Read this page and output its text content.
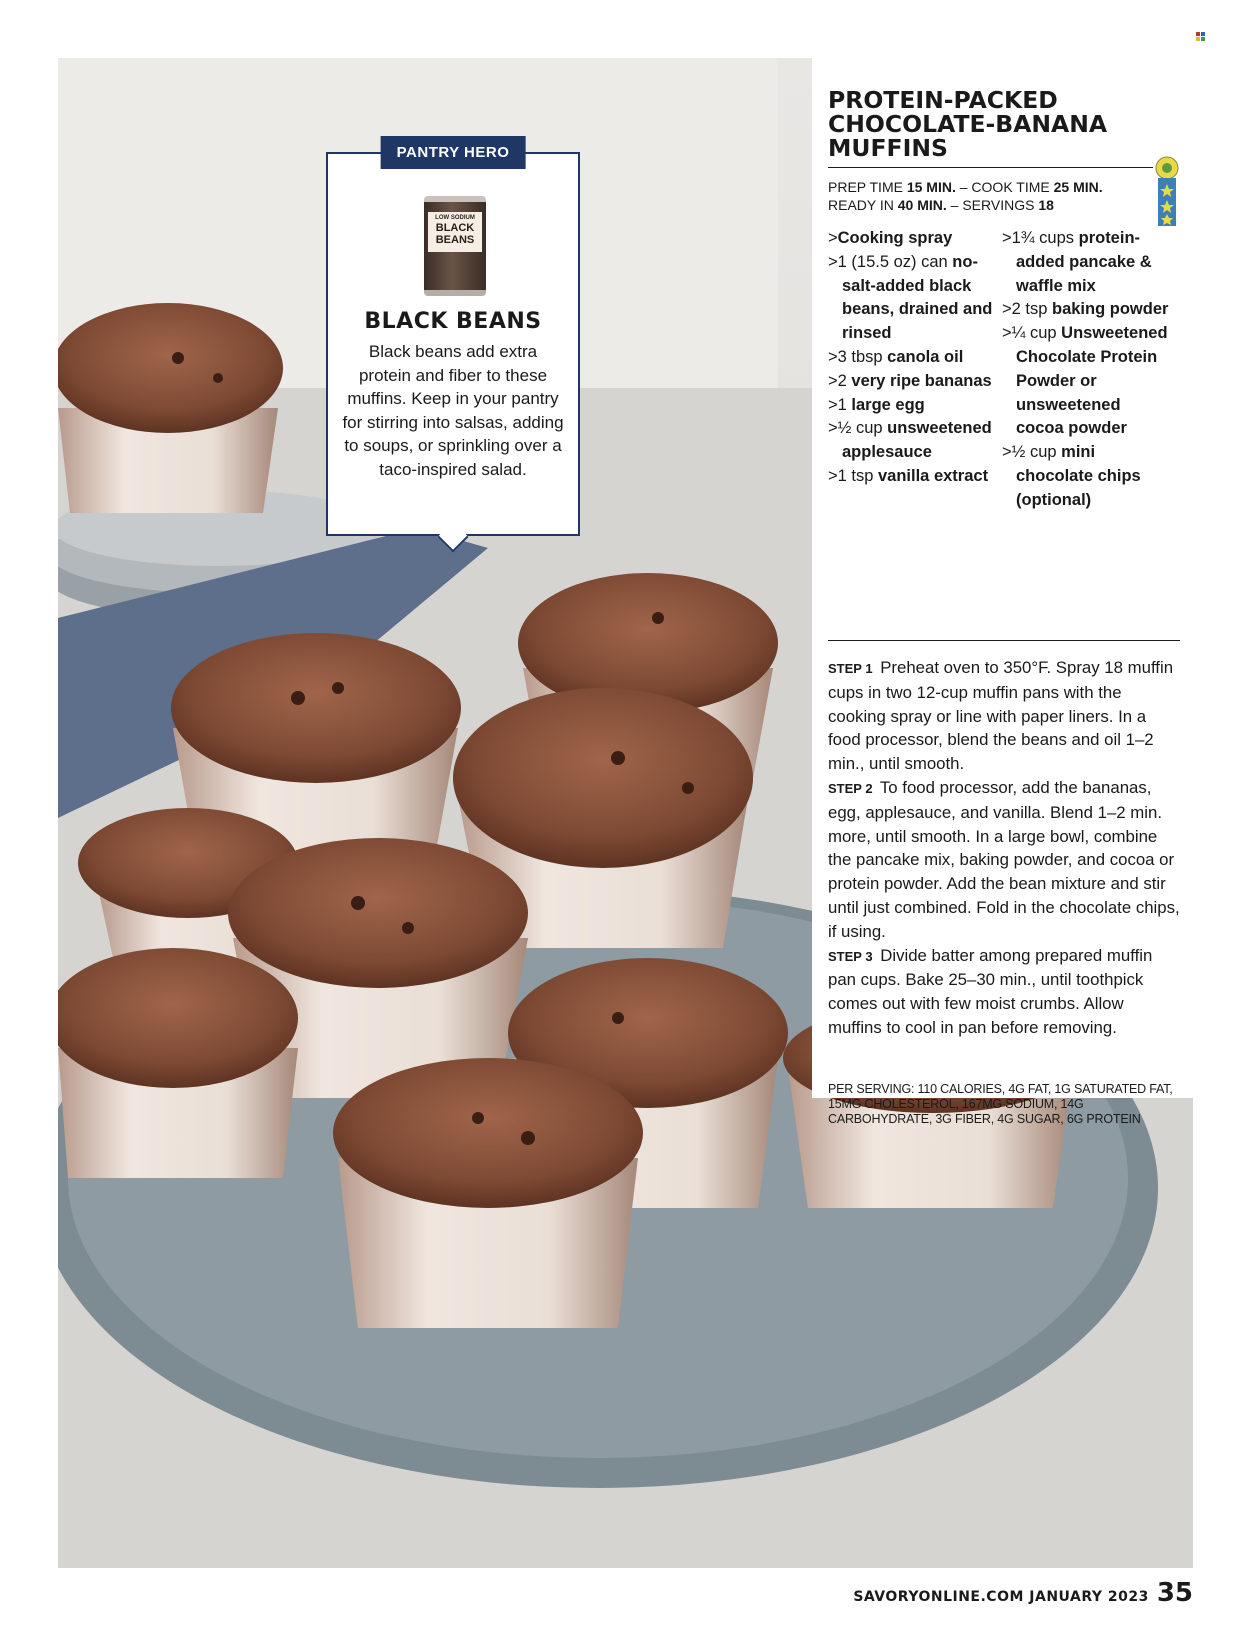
PANTRY HERO
LOW SODIUM
BLACK BEANS
BLACK BEANS
Black beans add extra protein and fiber to these muffins. Keep in your pantry for stirring into salsas, adding to soups, or sprinkling over a taco-inspired salad.
PROTEIN-PACKED
CHOCOLATE-BANANA
MUFFINS
PREP TIME 15 MIN. – COOK TIME 25 MIN.
READY IN 40 MIN. – SERVINGS 18
>Cooking spray
>1 (15.5 oz) can no-salt-added black beans, drained and rinsed
>3 tbsp canola oil
>2 very ripe bananas
>1 large egg
>½ cup unsweetened applesauce
>1 tsp vanilla extract
>1¾ cups protein-added pancake & waffle mix
>2 tsp baking powder
>¼ cup Unsweetened Chocolate Protein Powder or unsweetened cocoa powder
>½ cup mini chocolate chips (optional)

STEP 1 Preheat oven to 350°F. Spray 18 muffin cups in two 12-cup muffin pans with the cooking spray or line with paper liners. In a food processor, blend the beans and oil 1–2 min., until smooth.

STEP 2 To food processor, add the bananas, egg, applesauce, and vanilla. Blend 1–2 min. more, until smooth. In a large bowl, combine the pancake mix, baking powder, and cocoa or protein powder. Add the bean mixture and stir until just combined. Fold in the chocolate chips, if using.

STEP 3 Divide batter among prepared muffin pan cups. Bake 25–30 min., until toothpick comes out with few moist crumbs. Allow muffins to cool in pan before removing.

PER SERVING: 110 CALORIES, 4G FAT, 1G SATURATED FAT, 15MG CHOLESTEROL, 167MG SODIUM, 14G CARBOHYDRATE, 3G FIBER, 4G SUGAR, 6G PROTEIN
SAVORYONLINE.COM JANUARY 2023 35
